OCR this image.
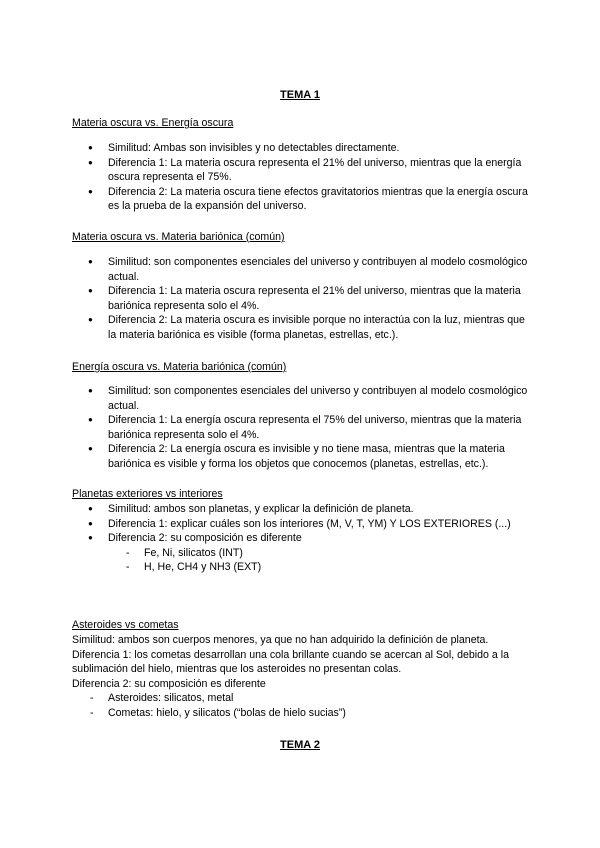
TEMA 1
Materia oscura vs. Energía oscura
● Similitud: Ambas son invisibles y no detectables directamente.
● Diferencia 1: La materia oscura representa el 21% del universo, mientras que la energía oscura representa el 75%.
● Diferencia 2: La materia oscura tiene efectos gravitatorios mientras que la energía oscura es la prueba de la expansión del universo.
Materia oscura vs. Materia bariónica (común)
● Similitud: son componentes esenciales del universo y contribuyen al modelo cosmológico actual.
● Diferencia 1: La materia oscura representa el 21% del universo, mientras que la materia bariónica representa solo el 4%.
● Diferencia 2: La materia oscura es invisible porque no interactúa con la luz, mientras que la materia bariónica es visible (forma planetas, estrellas, etc.).
Energía oscura vs. Materia bariónica (común)
● Similitud: son componentes esenciales del universo y contribuyen al modelo cosmológico actual.
● Diferencia 1: La energía oscura representa el 75% del universo, mientras que la materia bariónica representa solo el 4%.
● Diferencia 2: La energía oscura es invisible y no tiene masa, mientras que la materia bariónica es visible y forma los objetos que conocemos (planetas, estrellas, etc.).
Planetas exteriores vs interiores
● Similitud: ambos son planetas, y explicar la definición de planeta.
● Diferencia 1: explicar cuáles son los interiores (M, V, T, YM) Y LOS EXTERIORES (...)
● Diferencia 2: su composición es diferente
- Fe, Ni, silicatos (INT)
- H, He, CH4 y NH3 (EXT)
Asteroides vs cometas
Similitud: ambos son cuerpos menores, ya que no han adquirido la definición de planeta.
Diferencia 1: los cometas desarrollan una cola brillante cuando se acercan al Sol, debido a la sublimación del hielo, mientras que los asteroides no presentan colas.
Diferencia 2: su composición es diferente
- Asteroides: silicatos, metal
- Cometas: hielo, y silicatos (“bolas de hielo sucias”)
TEMA 2
